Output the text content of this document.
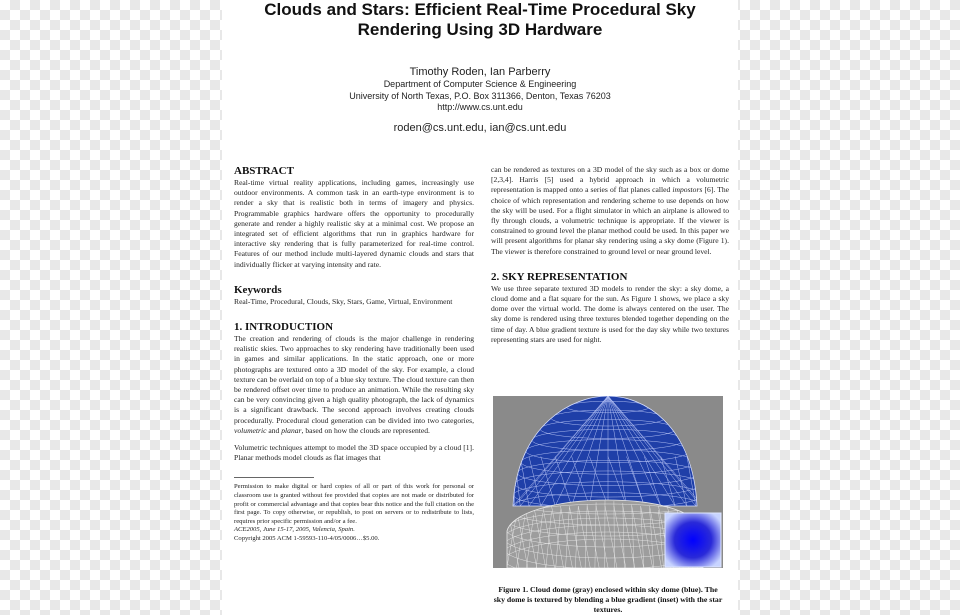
Clouds and Stars: Efficient Real-Time Procedural Sky
Rendering Using 3D Hardware
Timothy Roden, Ian Parberry
Department of Computer Science & Engineering
University of North Texas, P.O. Box 311366, Denton, Texas 76203
http://www.cs.unt.edu
roden@cs.unt.edu, ian@cs.unt.edu
ABSTRACT

Real-time virtual reality applications, including games, increasingly use outdoor environments. A common task in an earth-type environment is to render a sky that is realistic both in terms of imagery and physics. Programmable graphics hardware offers the opportunity to procedurally generate and render a highly realistic sky at a minimal cost. We propose an integrated set of efficient algorithms that run in graphics hardware for interactive sky rendering that is fully parameterized for real-time control. Features of our method include multi-layered dynamic clouds and stars that individually flicker at varying intensity and rate.

Keywords

Real-Time, Procedural, Clouds, Sky, Stars, Game, Virtual, Environment

1. INTRODUCTION

The creation and rendering of clouds is the major challenge in rendering realistic skies. Two approaches to sky rendering have traditionally been used in games and similar applications. In the static approach, one or more photographs are textured onto a 3D model of the sky. For example, a cloud texture can be overlaid on top of a blue sky texture. The cloud texture can then be rendered offset over time to produce an animation. While the resulting sky can be very convincing given a high quality photograph, the lack of dynamics is a significant drawback. The second approach involves creating clouds procedurally. Procedural cloud generation can be divided into two categories, volumetric and planar, based on how the clouds are represented.

Volumetric techniques attempt to model the 3D space occupied by a cloud [1]. Planar methods model clouds as flat images that

Permission to make digital or hard copies of all or part of this work for personal or classroom use is granted without fee provided that copies are not made or distributed for profit or commercial advantage and that copies bear this notice and the full citation on the first page. To copy otherwise, or republish, to post on servers or to redistribute to lists, requires prior specific permission and/or a fee.

ACE2005, June 15-17, 2005, Valencia, Spain.

Copyright 2005 ACM 1-59593-110-4/05/0006…$5.00.

can be rendered as textures on a 3D model of the sky such as a box or dome [2,3,4]. Harris [5] used a hybrid approach in which a volumetric representation is mapped onto a series of flat planes called impostors [6]. The choice of which representation and rendering scheme to use depends on how the sky will be used. For a flight simulator in which an airplane is allowed to fly through clouds, a volumetric technique is appropriate. If the viewer is constrained to ground level the planar method could be used. In this paper we will present algorithms for planar sky rendering using a sky dome (Figure 1). The viewer is therefore constrained to ground level or near ground level.

2. SKY REPRESENTATION

We use three separate textured 3D models to render the sky: a sky dome, a cloud dome and a flat square for the sun. As Figure 1 shows, we place a sky dome over the virtual world. The dome is always centered on the user. The sky dome is rendered using three textures blended together depending on the time of day. A blue gradient texture is used for the day sky while two textures representing stars are used for night.

Figure 1. Cloud dome (gray) enclosed within sky dome (blue). The sky dome is textured by blending a blue gradient (inset) with the star textures.
